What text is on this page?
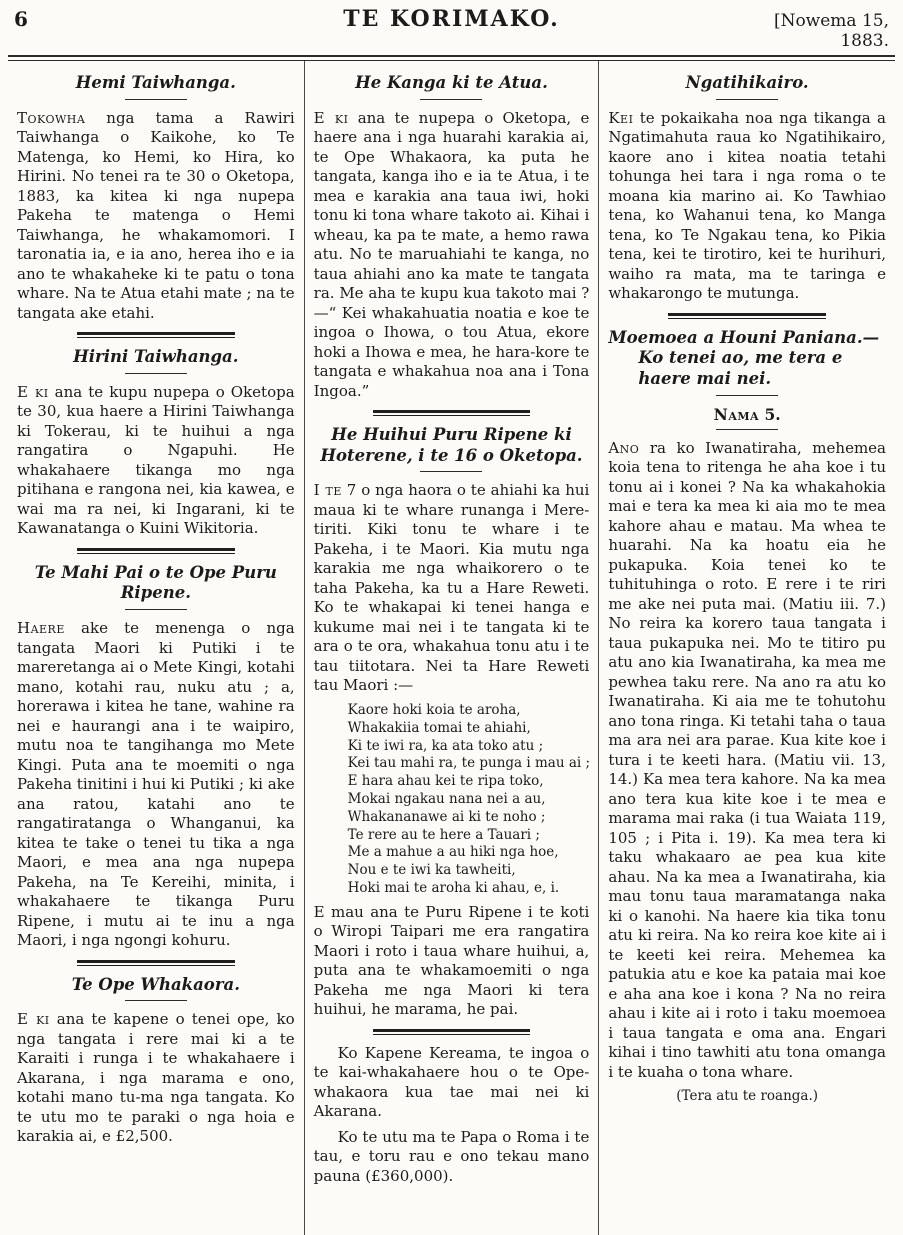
6	TE KORIMAKO.	[Nowema 15, 1883.
Hemi Taiwhanga.

Tokowha nga tama a Rawiri Taiwhanga o Kaikohe, ko Te Matenga, ko Hemi, ko Hira, ko Hirini. No tenei ra te 30 o Oketopa, 1883, ka kitea ki nga nupepa Pakeha te matenga o Hemi Taiwhanga, he whakamomori. I taronatia ia, e ia ano, herea iho e ia ano te whakaheke ki te patu o tona whare. Na te Atua etahi mate ; na te tangata ake etahi.

Hirini Taiwhanga.

E ki ana te kupu nupepa o Oketopa te 30, kua haere a Hirini Taiwhanga ki Tokerau, ki te huihui a nga rangatira o Ngapuhi. He whakahaere tikanga mo nga pitihana e rangona nei, kia kawea, e wai ma ra nei, ki Ingarani, ki te Kawanatanga o Kuini Wikitoria.

Te Mahi Pai o te Ope Puru Ripene.

Haere ake te menenga o nga tangata Maori ki Putiki i te mareretanga ai o Mete Kingi, kotahi mano, kotahi rau, nuku atu ; a, horerawa i kitea he tane, wahine ra nei e haurangi ana i te waipiro, mutu noa te tangihanga mo Mete Kingi. Puta ana te moemiti o nga Pakeha tinitini i hui ki Putiki ; ki ake ana ratou, katahi ano te rangatiratanga o Whanganui, ka kitea te take o tenei tu tika a nga Maori, e mea ana nga nupepa Pakeha, na Te Kereihi, minita, i whakahaere te tikanga Puru Ripene, i mutu ai te inu a nga Maori, i nga ngongi kohuru.

Te Ope Whakaora.

E ki ana te kapene o tenei ope, ko nga tangata i rere mai ki a te Karaiti i runga i te whakahaere i Akarana, i nga marama e ono, kotahi mano tu-ma nga tangata. Ko te utu mo te paraki o nga hoia e karakia ai, e £2,500.

He Kanga ki te Atua.

E ki ana te nupepa o Oketopa, e haere ana i nga huarahi karakia ai, te Ope Whakaora, ka puta he tangata, kanga iho e ia te Atua, i te mea e karakia ana taua iwi, hoki tonu ki tona whare takoto ai. Kihai i wheau, ka pa te mate, a hemo rawa atu. No te maruahiahi te kanga, no taua ahiahi ano ka mate te tangata ra. Me aha te kupu kua takoto mai ?—“ Kei whakahuatia noatia e koe te ingoa o Ihowa, o tou Atua, ekore hoki a Ihowa e mea, he hara-kore te tangata e whakahua noa ana i Tona Ingoa.”

He Huihui Puru Ripene ki Hoterene, i te 16 o Oketopa.

I te 7 o nga haora o te ahiahi ka hui maua ki te whare runanga i Mere-tiriti. Kiki tonu te whare i te Pakeha, i te Maori. Kia mutu nga karakia me nga whaikorero o te taha Pakeha, ka tu a Hare Reweti. Ko te whakapai ki tenei hanga e kukume mai nei i te tangata ki te ara o te ora, whakahua tonu atu i te tau tiitotara. Nei ta Hare Reweti tau Maori :—

Kaore hoki koia te aroha,
Whakakiia tomai te ahiahi,
Ki te iwi ra, ka ata toko atu ;
Kei tau mahi ra, te punga i mau ai ;
E hara ahau kei te ripa toko,
Mokai ngakau nana nei a au,
Whakananawe ai ki te noho ;
Te rere au te here a Tauari ;
Me a mahue a au hiki nga hoe,
Nou e te iwi ka tawheiti,
Hoki mai te aroha ki ahau, e, i.

E mau ana te Puru Ripene i te koti o Wiropi Taipari me era rangatira Maori i roto i taua whare huihui, a, puta ana te whakamoemiti o nga Pakeha me nga Maori ki tera huihui, he marama, he pai.

Ko Kapene Kereama, te ingoa o te kai-whakahaere hou o te Ope-whakaora kua tae mai nei ki Akarana.

Ko te utu ma te Papa o Roma i te tau, e toru rau e ono tekau mano pauna (£360,000).

Ngatihikairo.

Kei te pokaikaha noa nga tikanga a Ngatimahuta raua ko Ngatihikairo, kaore ano i kitea noatia tetahi tohunga hei tara i nga roma o te moana kia marino ai. Ko Tawhiao tena, ko Wahanui tena, ko Manga tena, ko Te Ngakau tena, ko Pikia tena, kei te tirotiro, kei te hurihuri, waiho ra mata, ma te taringa e whakarongo te mutunga.

Moemoea a Houni Paniana.— Ko tenei ao, me tera e haere mai nei.

Nama 5.

Ano ra ko Iwanatiraha, mehemea koia tena to ritenga he aha koe i tu tonu ai i konei ? Na ka whakahokia mai e tera ka mea ki aia mo te mea kahore ahau e matau. Ma whea te huarahi. Na ka hoatu eia he pukapuka. Koia tenei ko te tuhituhinga o roto. E rere i te riri me ake nei puta mai. (Matiu iii. 7.) No reira ka korero taua tangata i taua pukapuka nei. Mo te titiro pu atu ano kia Iwanatiraha, ka mea me pewhea taku rere. Na ano ra atu ko Iwanatiraha. Ki aia me te tohutohu ano tona ringa. Ki tetahi taha o taua ma ara nei ara parae. Kua kite koe i tura i te keeti hara. (Matiu vii. 13, 14.) Ka mea tera kahore. Na ka mea ano tera kua kite koe i te mea e marama mai raka (i tua Waiata 119, 105 ; i Pita i. 19). Ka mea tera ki taku whakaaro ae pea kua kite ahau. Na ka mea a Iwanatiraha, kia mau tonu taua maramatanga naka ki o kanohi. Na haere kia tika tonu atu ki reira. Na ko reira koe kite ai i te keeti kei reira. Mehemea ka patukia atu e koe ka pataia mai koe e aha ana koe i kona ? Na no reira ahau i kite ai i roto i taku moemoea i taua tangata e oma ana. Engari kihai i tino tawhiti atu tona omanga i te kuaha o tona whare.

(Tera atu te roanga.)
